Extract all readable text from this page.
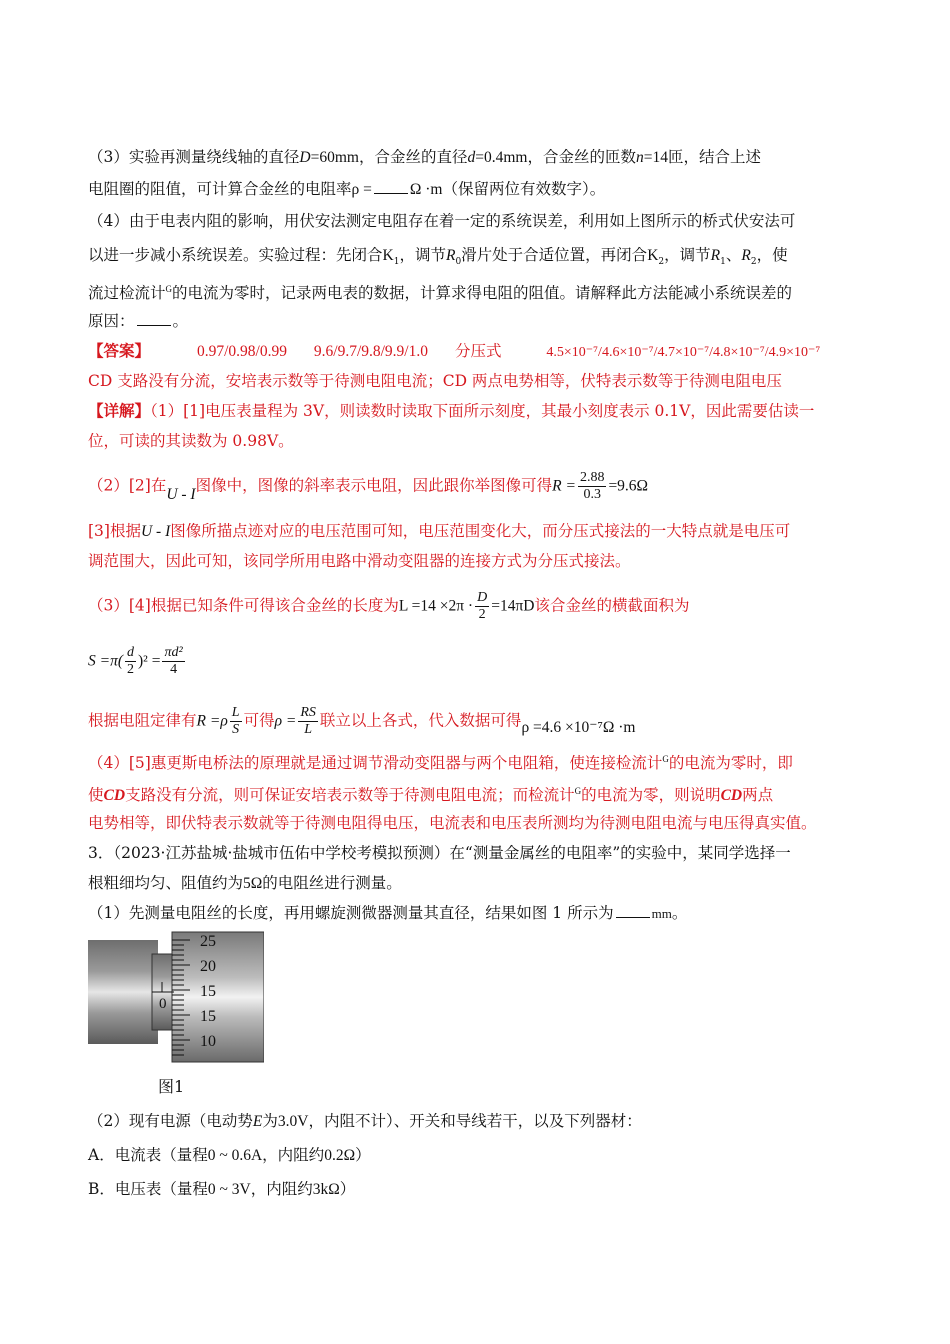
（3）实验再测量绕线轴的直径D=60mm，合金丝的直径d=0.4mm，合金丝的匝数n=14匝，结合上述
电阻圈的阻值，可计算合金丝的电阻率ρ = Ω ·m（保留两位有效数字）。
（4）由于电表内阻的影响，用伏安法测定电阻存在着一定的系统误差，利用如上图所示的桥式伏安法可
以进一步减小系统误差。实验过程：先闭合$K_1$，调节$R_0$滑片处于合适位置，再闭合$K_2$，调节$R_1$、$R_2$，使
流过检流计$^G$的电流为零时，记录两电表的数据，计算求得电阻的阻值。请解释此方法能减小系统误差的
原因： 。
【答案】	0.97/0.98/0.99 9.6/9.7/9.8/9.9/1.0 分压式	4.5×10⁻⁷/4.6×10⁻⁷/4.7×10⁻⁷/4.8×10⁻⁷/4.9×10⁻⁷
CD 支路没有分流，安培表示数等于待测电阻电流；CD 两点电势相等，伏特表示数等于待测电阻电压
【详解】（1）[1]电压表量程为 3V，则读数时读取下面所示刻度，其最小刻度表示 0.1V，因此需要估读一
位，可读的其读数为 0.98V。
（2）[2]在U - I图像中，图像的斜率表示电阻，因此跟你举图像可得$R = \frac{2.88}{0.3} =9.6\Omega$
[3]根据U - I图像所描点迹对应的电压范围可知，电压范围变化大，而分压式接法的一大特点就是电压可
调范围大，因此可知，该同学所用电路中滑动变阻器的连接方式为分压式接法。
（3）[4]根据已知条件可得该合金丝的长度为$L =14 \times 2\pi \cdot \frac{D}{2} =14\pi D$该合金丝的横截面积为
$S =\pi( \frac{d}{2} )^2 = \frac{\text{πd²}}{4}$
根据电阻定律有$R =\rho \frac{L}{S}$ 可得$\rho = \frac{RS}{L}$ 联立以上各式，代入数据可得ρ =4.6 ×10⁻⁷Ω ·m
（4）[5]惠更斯电桥法的原理就是通过调节滑动变阻器与两个电阻箱，使连接检流计$^G$的电流为零时，即
使CD支路没有分流，则可保证安培表示数等于待测电阻电流；而检流计$^G$的电流为零，则说明CD两点
电势相等，即伏特表示数就等于待测电阻得电压，电流表和电压表所测均为待测电阻电流与电压得真实值。
3．（2023·江苏盐城·盐城市伍佑中学校考模拟预测）在“测量金属丝的电阻率”的实验中，某同学选择一
根粗细均匀、阻值约为5Ω的电阻丝进行测量。
（1）先测量电阻丝的长度，再用螺旋测微器测量其直径，结果如图 1 所示为	mm。
0
25
20
15
15
10
图1
（2）现有电源（电动势E为3.0V，内阻不计）、开关和导线若干，以及下列器材：
A．电流表（量程0 ~ 0.6A，内阻约0.2Ω）
B．电压表（量程0 ~ 3V，内阻约3kΩ）
